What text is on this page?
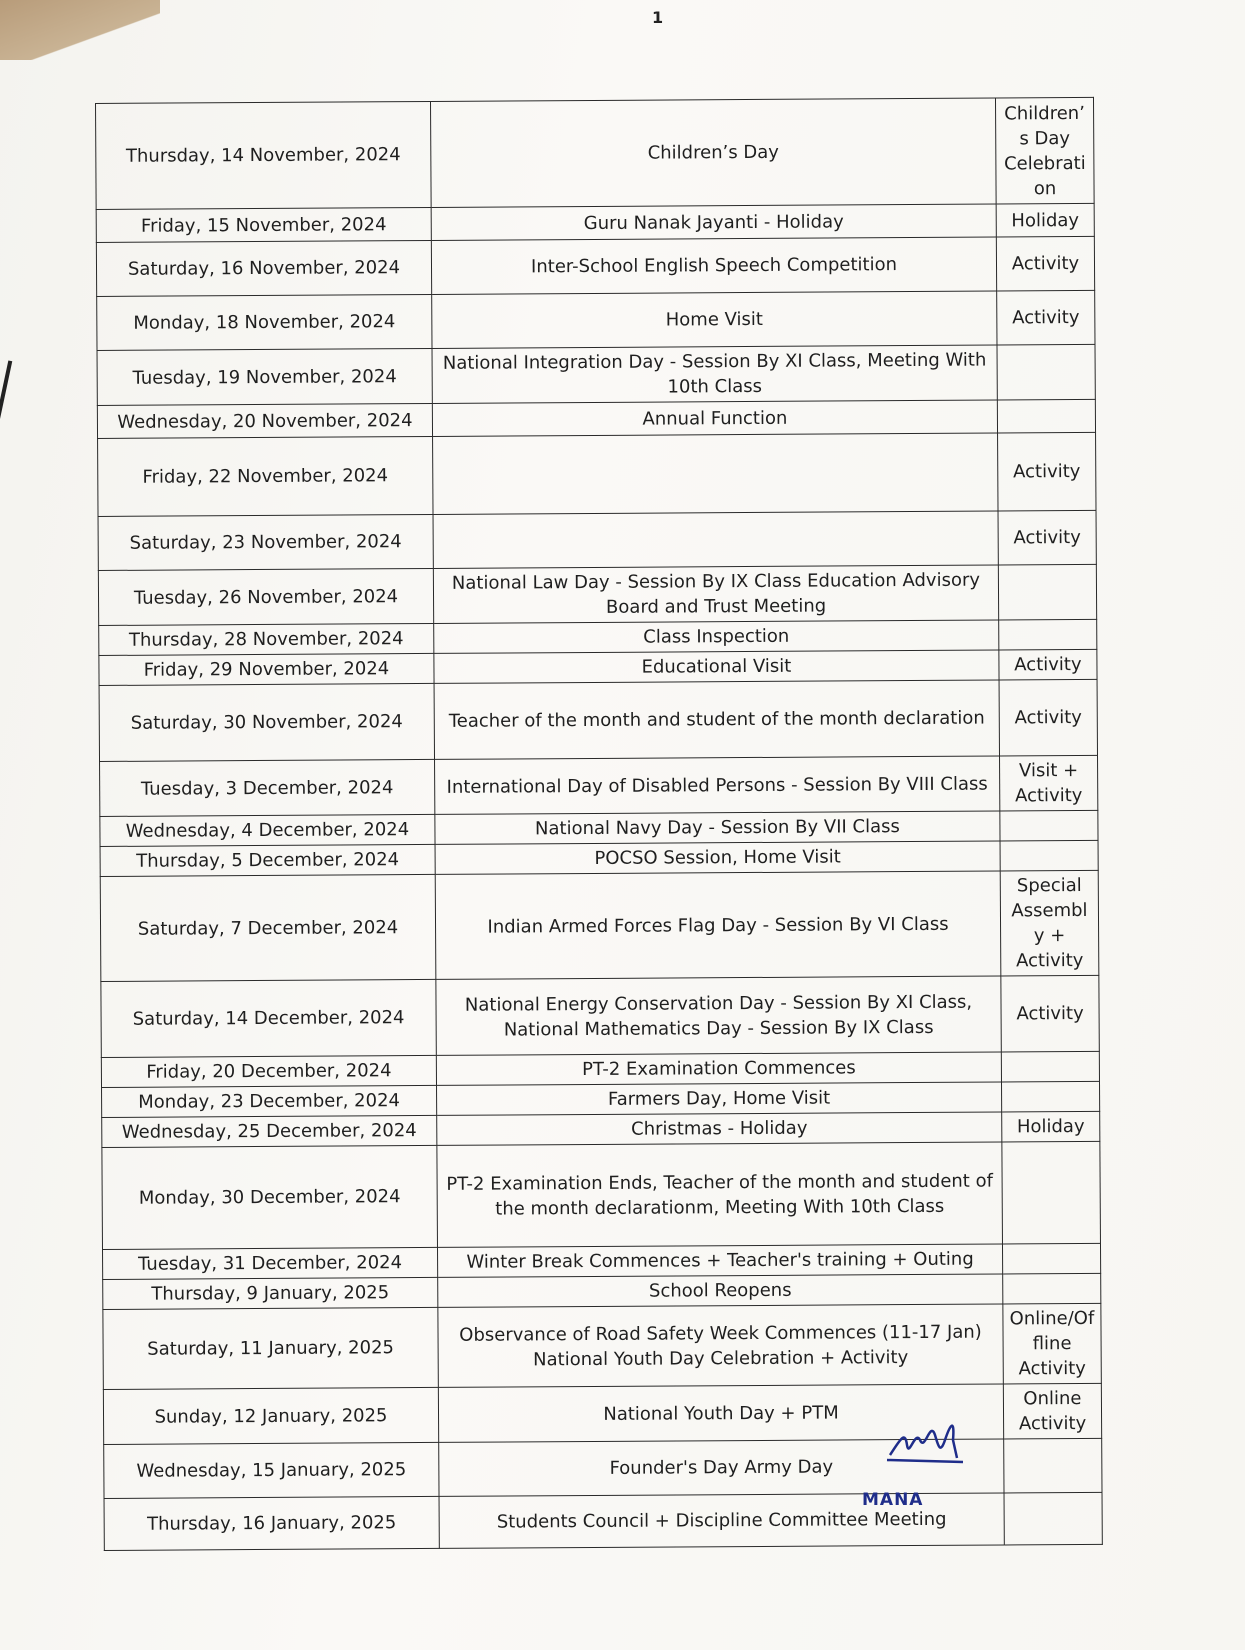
1
Thursday, 14 November, 2024	Children’s Day	Children’s Day Celebration
Friday, 15 November, 2024	Guru Nanak Jayanti - Holiday	Holiday
Saturday, 16 November, 2024	Inter-School English Speech Competition	Activity
Monday, 18 November, 2024	Home Visit	Activity
Tuesday, 19 November, 2024	National Integration Day - Session By XI Class, Meeting With 10th Class	
Wednesday, 20 November, 2024	Annual Function	
Friday, 22 November, 2024		Activity
Saturday, 23 November, 2024		Activity
Tuesday, 26 November, 2024	National Law Day - Session By IX Class Education Advisory Board and Trust Meeting	
Thursday, 28 November, 2024	Class Inspection	
Friday, 29 November, 2024	Educational Visit	Activity
Saturday, 30 November, 2024	Teacher of the month and student of the month declaration	Activity
Tuesday, 3 December, 2024	International Day of Disabled Persons - Session By VIII Class	Visit + Activity
Wednesday, 4 December, 2024	National Navy Day - Session By VII Class	
Thursday, 5 December, 2024	POCSO Session, Home Visit	
Saturday, 7 December, 2024	Indian Armed Forces Flag Day - Session By VI Class	Special Assembly + Activity
Saturday, 14 December, 2024	National Energy Conservation Day - Session By XI Class, National Mathematics Day - Session By IX Class	Activity
Friday, 20 December, 2024	PT-2 Examination Commences	
Monday, 23 December, 2024	Farmers Day, Home Visit	
Wednesday, 25 December, 2024	Christmas - Holiday	Holiday
Monday, 30 December, 2024	PT-2 Examination Ends, Teacher of the month and student of the month declarationm, Meeting With 10th Class	
Tuesday, 31 December, 2024	Winter Break Commences + Teacher's training + Outing	
Thursday, 9 January, 2025	School Reopens	
Saturday, 11 January, 2025	Observance of Road Safety Week Commences (11-17 Jan) National Youth Day Celebration + Activity	Online/Offline Activity
Sunday, 12 January, 2025	National Youth Day + PTM	Online Activity
Wednesday, 15 January, 2025	Founder's Day Army Day	
Thursday, 16 January, 2025	Students Council + Discipline Committee Meeting	
MANA
